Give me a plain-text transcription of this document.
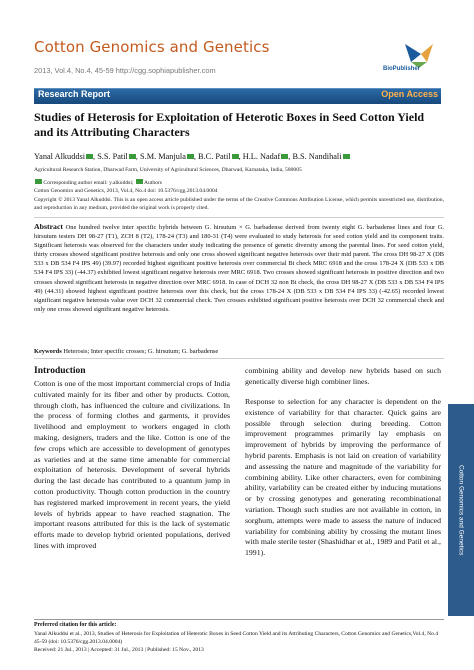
Cotton Genomics and Genetics
2013, Vol.4, No.4, 45-59 http://cgg.sophiapublisher.com	BioPublisher
Research Report	Open Access
Studies of Heterosis for Exploitation of Heterotic Boxes in Seed Cotton Yield and its Attributing Characters
Yanal Alkuddsi , S.S. Patil , S.M. Manjula , B.C. Patil , H.L. Nadaf , B.S. Nandihali
Agricultural Research Station, Dharwad Farm, University of Agricultural Sciences, Dharwad, Karnataka, India, 580005
Corresponding author email: y.alkuddsi;  Authors
Cotton Genomics and Genetics, 2013, Vol.4, No.4 doi: 10.5376/cgg.2013.04.0004
Copyright © 2013 Yanal Alkuddsi. This is an open access article published under the terms of the Creative Commons Attribution License, which permits unrestricted use, distribution, and reproduction in any medium, provided the original work is properly cited.
Abstract One hundred twelve inter specific hybrids between G. hirsutum × G. barbadense derived from twenty eight G. barbadense lines and four G. hirsutum testers DH 98-27 (T1), ZCH 8 (T2), 178-24 (T3) and 180-31 (T4) were evaluated to study heterosis for seed cotton yield and its component traits. Significant heterosis was observed for the characters under study indicating the presence of genetic diversity among the parental lines. For seed cotton yield, thirty crosses showed significant positive heterosis and only one cross showed significant negative heterosis over their mid parent. The cross DH 98-27 X (DB 533 x DB 534 F4 IPS 49) (39.97) recorded highest significant positive heterosis over commercial Bt check MRC 6918 and the cross 178-24 X (DB 533 x DB 534 F4 IPS 33) (-44.37) exhibited lowest significant negative heterosis over MRC 6918. Two crosses showed significant heterosis in positive direction and two crosses showed significant heterosis in negative direction over MRC 6918. In case of DCH 32 non Bt check, the cross DH 98-27 X (DB 533 x DB 534 F4 IPS 49) (44.31) showed highest significant positive heterosis over this check, but the cross 178-24 X (DB 533 x DB 534 F4 IPS 33) (-42.65) recorded lowest significant negative heterosis value over DCH 32 commercial check. Two crosses exhibited significant positive heterosis over DCH 32 commercial check and only one cross showed significant negative heterosis.
Keywords Heterosis; Inter specific crosses; G. hirsutum; G. barbadense
Introduction
Cotton is one of the most important commercial crops of India cultivated mainly for its fiber and other by products. Cotton, through cloth, has influenced the culture and civilizations. In the process of forming clothes and garments, it provides livelihood and employment to workers engaged in cloth making, designers, traders and the like. Cotton is one of the few crops which are accessible to development of genotypes as varieties and at the same time amenable for commercial exploitation of heterosis. Development of several hybrids during the last decade has contributed to a quantum jump in cotton productivity. Though cotton production in the country has registered marked improvement in recent years, the yield levels of hybrids appear to have reached stagnation. The important reasons attributed for this is the lack of systematic efforts made to develop hybrid oriented populations, derived lines with improved
combining ability and develop new hybrids based on such genetically diverse high combiner lines.
Response to selection for any character is dependent on the existence of variability for that character. Quick gains are possible through selection during breeding. Cotton improvement programmes primarily lay emphasis on improvement of hybrids by improving the performance of hybrid parents. Emphasis is not laid on creation of variability and assessing the nature and magnitude of the variability for combining ability. Like other characters, even for combining ability, variability can be created either by inducing mutations or by crossing genotypes and generating recombinational variation. Though such studies are not available in cotton, in sorghum, attempts were made to assess the nature of induced variability for combining ability by crossing the mutant lines with male sterile tester (Shashidhar et al., 1989 and Patil et al., 1991).	Cotton Genomics and Genetics
Preferred citation for this article:
Yanal Alkuddsi et al., 2013, Studies of Heterosis for Exploitation of Heterotic Boxes in Seed Cotton Yield and its Attributing Characters, Cotton Genomics and Genetics,Vol.4, No.4 45-59 (doi: 10.5376/cgg.2013.04.0004)
Received: 21 Jul., 2013 | Accepted: 31 Jul., 2013 | Published: 15 Nov., 2013
